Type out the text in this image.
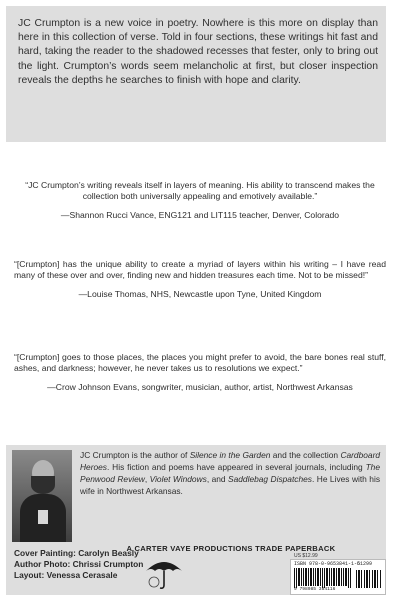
JC Crumpton is a new voice in poetry. Nowhere is this more on display than here in this collection of verse. Told in four sections, these writings hit fast and hard, taking the reader to the shadowed recesses that fester, only to bring out the light. Crumpton’s words seem melancholic at first, but closer inspection reveals the depths he searches to finish with hope and clarity.
“JC Crumpton’s writing reveals itself in layers of meaning. His ability to transcend makes the collection both universally appealing and emotively available.”
—Shannon Rucci Vance, ENG121 and LIT115 teacher, Denver, Colorado
“[Crumpton] has the unique ability to create a myriad of layers within his writing – I have read many of these over and over, finding new and hidden treasures each time. Not to be missed!”
—Louise Thomas, NHS, Newcastle upon Tyne, United Kingdom
“[Crumpton] goes to those places, the places you might prefer to avoid, the bare bones real stuff, ashes, and darkness; however, he never takes us to resolutions we expect.”
—Crow Johnson Evans, songwriter, musician, author, artist, Northwest Arkansas
JC Crumpton is the author of Silence in the Garden and the collection Cardboard Heroes. His fiction and poems have appeared in several journals, including The Penwood Review, Violet Windows, and Saddlebag Dispatches. He Lives with his wife in Northwest Arkansas.
A CARTER VAYE PRODUCTIONS TRADE PAPERBACK
Cover Painting: Carolyn Beasly
Author Photo: Chrissi Crumpton
Layout: Venessa Cerasale
US $12.99
ISBN 978-0-9653841-1-6
51299
9 798985 384116
